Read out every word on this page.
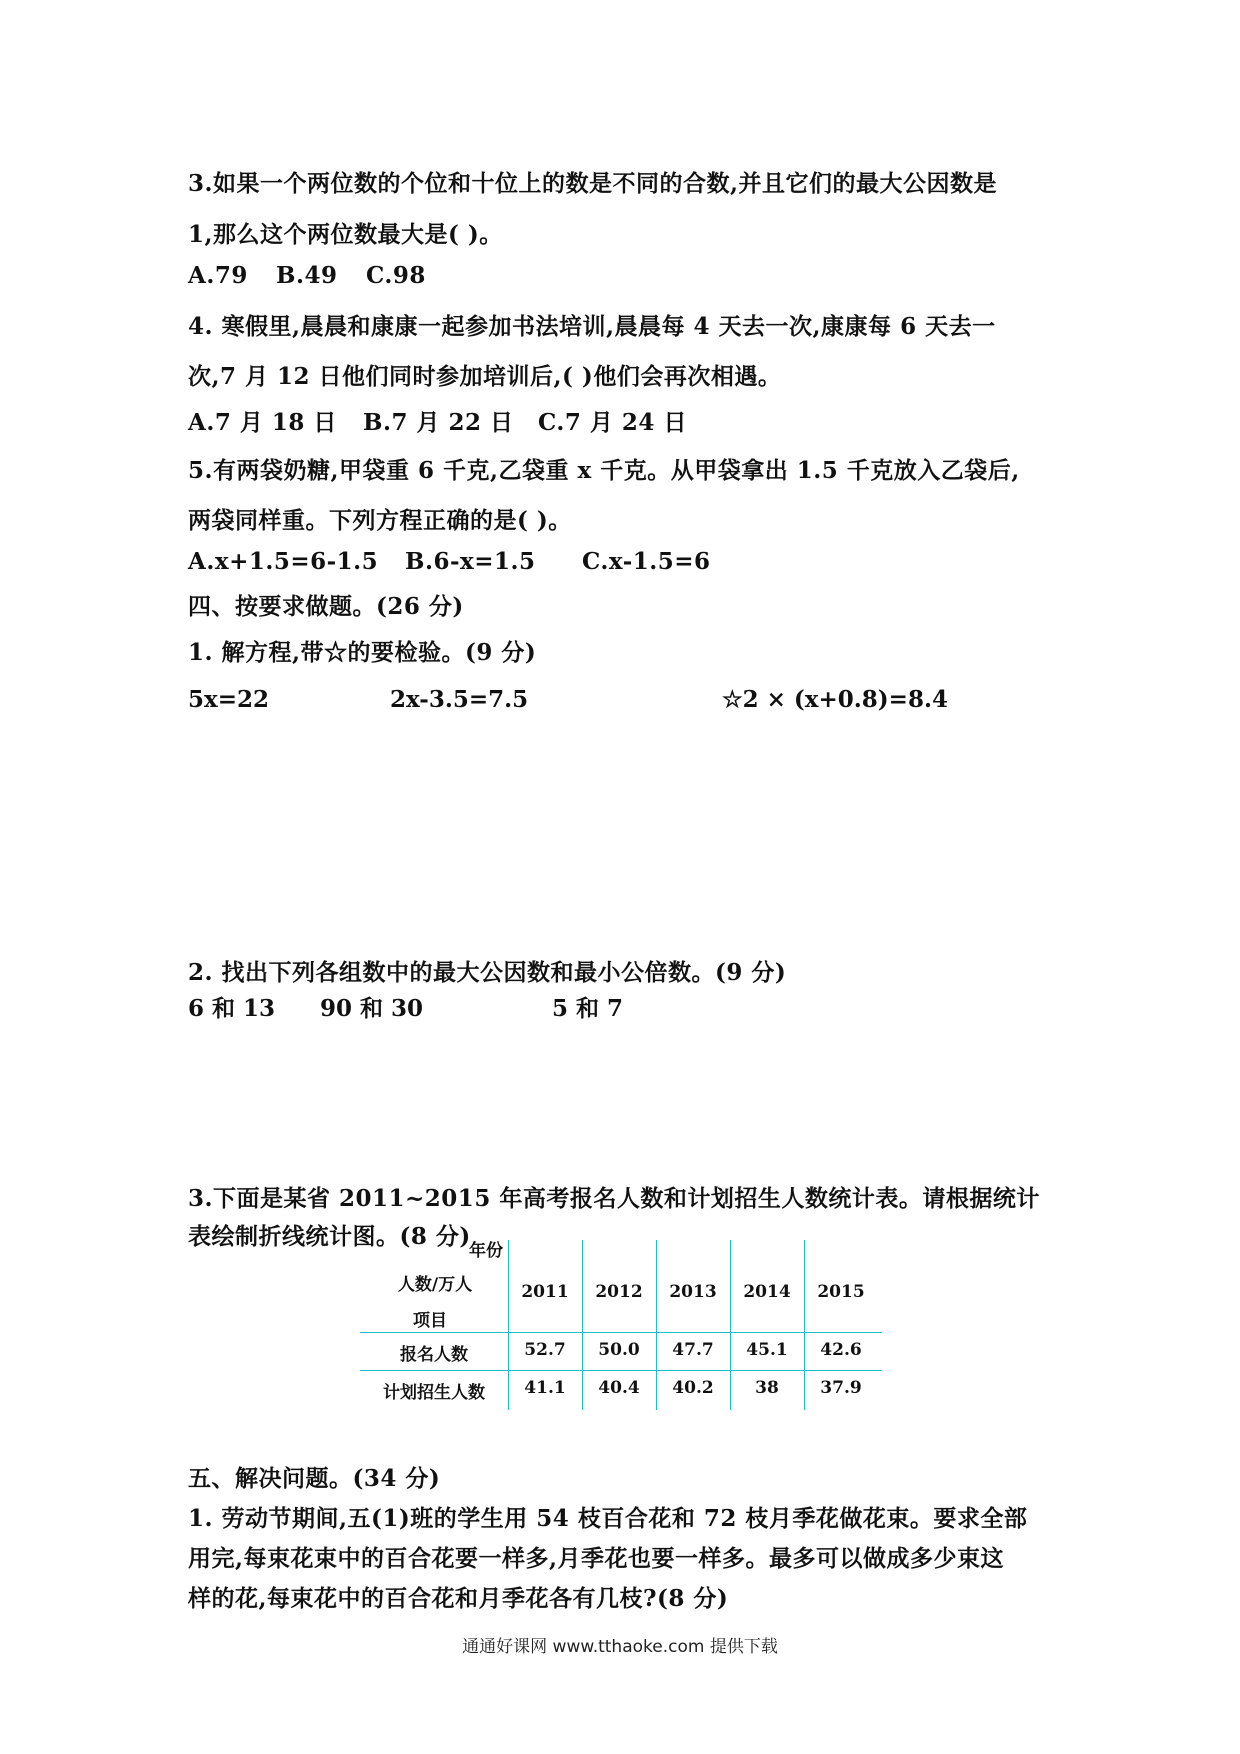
3.如果一个两位数的个位和十位上的数是不同的合数,并且它们的最大公因数是
1,那么这个两位数最大是( )。
A.79 B.49 C.98
4. 寒假里,晨晨和康康一起参加书法培训,晨晨每 4 天去一次,康康每 6 天去一
次,7 月 12 日他们同时参加培训后,( )他们会再次相遇。
A.7 月 18 日 B.7 月 22 日 C.7 月 24 日
5.有两袋奶糖,甲袋重 6 千克,乙袋重 x 千克。从甲袋拿出 1.5 千克放入乙袋后,
两袋同样重。下列方程正确的是( )。
A.x+1.5=6-1.5 B.6-x=1.5 C.x-1.5=6
四、按要求做题。(26 分)
1. 解方程,带☆的要检验。(9 分)
5x=22	2x-3.5=7.5	☆2 × (x+0.8)=8.4
2. 找出下列各组数中的最大公因数和最小公倍数。(9 分)
6 和 13 90 和 30	5 和 7
3.下面是某省 2011~2015 年高考报名人数和计划招生人数统计表。请根据统计
表绘制折线统计图。(8 分)
年份
人数/万人
项目
2011	2012	2013	2014	2015
报名人数	52.7	50.0	47.7	45.1	42.6
计划招生人数	41.1	40.4	40.2	38	37.9
五、解决问题。(34 分)
1. 劳动节期间,五(1)班的学生用 54 枝百合花和 72 枝月季花做花束。要求全部
用完,每束花束中的百合花要一样多,月季花也要一样多。最多可以做成多少束这
样的花,每束花中的百合花和月季花各有几枝?(8 分)
通通好课网 www.tthaoke.com 提供下载
